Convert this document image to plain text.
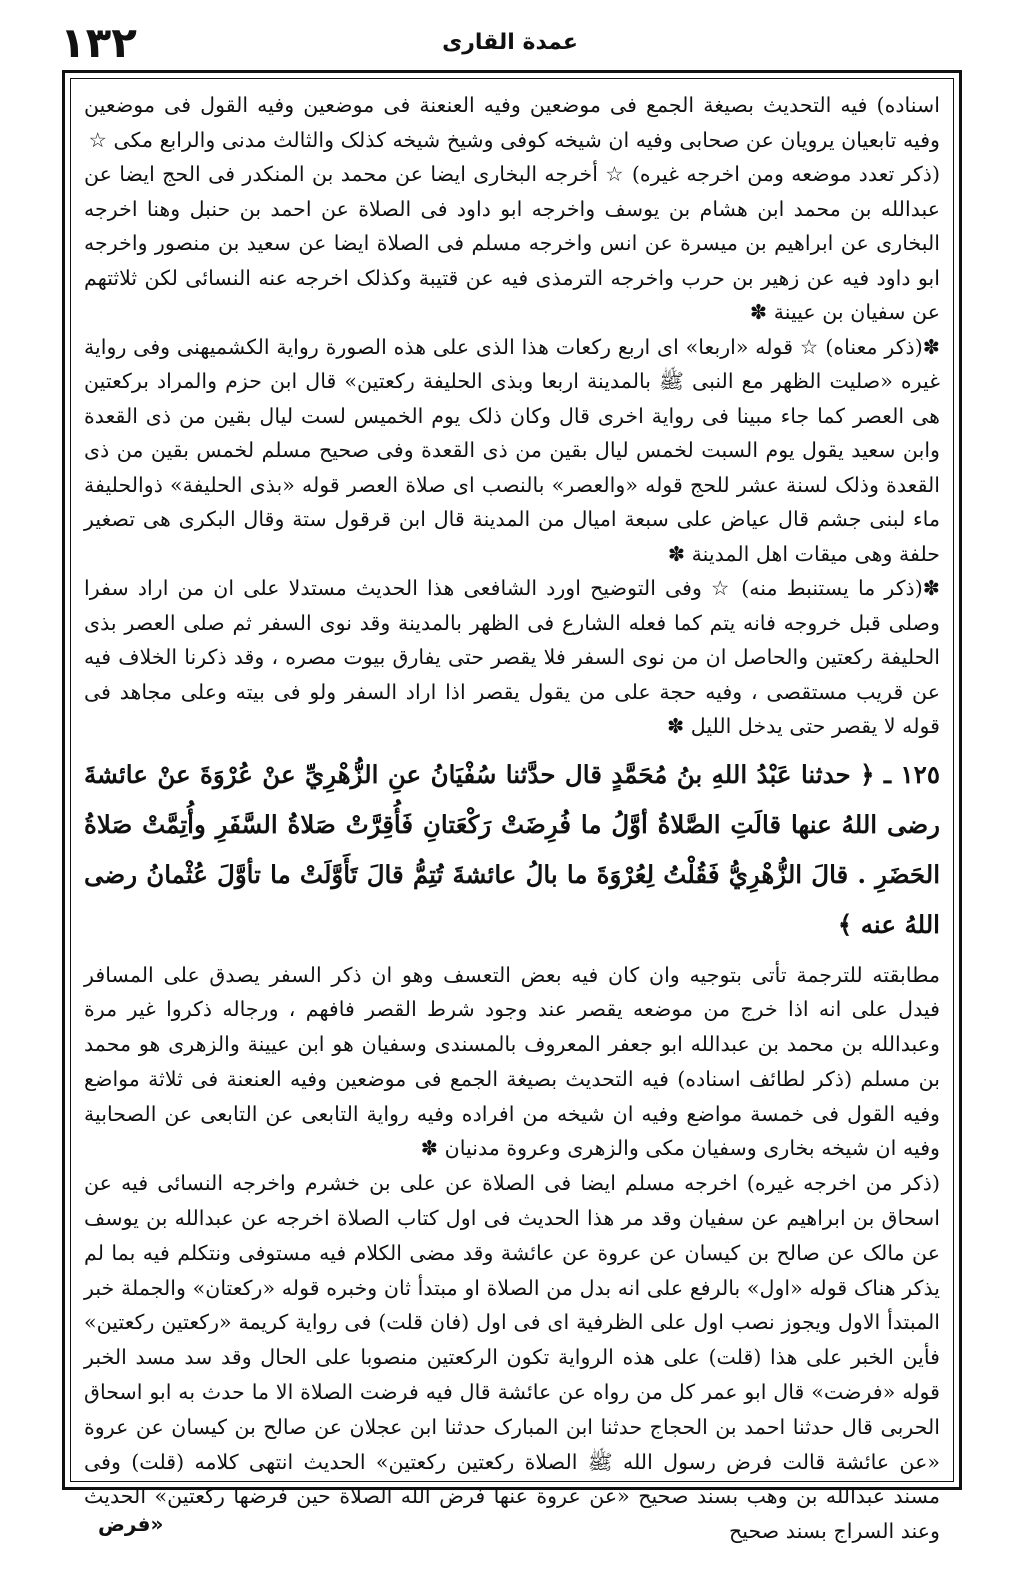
١٣٢	عمدة القاری

اسناده) فیه التحدیث بصیغة الجمع فی موضعین وفیه العنعنة فی موضعین وفیه القول فی موضعین وفیه تابعیان یرویان عن صحابی وفیه ان شیخه کوفی وشیخ شیخه کذلک والثالث مدنی والرابع مکی ☆

(ذکر تعدد موضعه ومن اخرجه غیره) ☆ أخرجه البخاری ایضا عن محمد بن المنکدر فی الحج ایضا عن عبدالله بن محمد ابن هشام بن یوسف واخرجه ابو داود فی الصلاة عن احمد بن حنبل وهنا اخرجه البخاری عن ابراهیم بن میسرة عن انس واخرجه مسلم فی الصلاة ایضا عن سعید بن منصور واخرجه ابو داود فیه عن زهیر بن حرب واخرجه الترمذی فیه عن قتیبة وکذلک اخرجه عنه النسائی لکن ثلاثتهم عن سفیان بن عیینة ✽

✽(ذکر معناه) ☆ قوله «اربعا» ای اربع رکعات هذا الذی علی هذه الصورة روایة الکشمیهنی وفی روایة غیره «صلیت الظهر مع النبی ﷺ بالمدینة اربعا وبذی الحلیفة رکعتین» قال ابن حزم والمراد برکعتین هی العصر کما جاء مبینا فی روایة اخری قال وکان ذلک یوم الخمیس لست لیال بقین من ذی القعدة وابن سعید یقول یوم السبت لخمس لیال بقین من ذی القعدة وفی صحیح مسلم لخمس بقین من ذی القعدة وذلک لسنة عشر للحج قوله «والعصر» بالنصب ای صلاة العصر قوله «بذی الحلیفة» ذوالحلیفة ماء لبنی جشم قال عیاض علی سبعة امیال من المدینة قال ابن قرقول ستة وقال البکری هی تصغیر حلفة وهی میقات اهل المدینة ✽

✽(ذکر ما یستنبط منه) ☆ وفی التوضیح اورد الشافعی هذا الحدیث مستدلا علی ان من اراد سفرا وصلی قبل خروجه فانه یتم کما فعله الشارع فی الظهر بالمدینة وقد نوی السفر ثم صلی العصر بذی الحلیفة رکعتین والحاصل ان من نوی السفر فلا یقصر حتی یفارق بیوت مصره ، وقد ذکرنا الخلاف فیه عن قریب مستقصی ، وفیه حجة علی من یقول یقصر اذا اراد السفر ولو فی بیته وعلی مجاهد فی قوله لا یقصر حتی یدخل اللیل ✽

١٢٥ ـ ﴿ حدثنا عَبْدُ اللهِ بنُ مُحَمَّدٍ قال حدَّثنا سُفْيَانُ عنِ الزُّهْرِيِّ عنْ عُرْوَةَ عنْ عائشةَ رضی اللهُ عنها قالَتِ الصَّلاةُ أوَّلُ ما فُرِضَتْ رَكْعَتانِ فَأُقِرَّتْ صَلاةُ السَّفَرِ وأُتِمَّتْ صَلاةُ الحَضَرِ . قالَ الزُّهْرِيُّ فَقُلْتُ لِعُرْوَةَ ما بالُ عائشةَ تُتِمُّ قالَ تَأَوَّلَتْ ما تأوَّلَ عُثْمانُ رضی اللهُ عنه ﴾

مطابقته للترجمة تأتی بتوجیه وان کان فیه بعض التعسف وهو ان ذکر السفر یصدق علی المسافر فیدل علی انه اذا خرج من موضعه یقصر عند وجود شرط القصر فافهم ، ورجاله ذکروا غیر مرة وعبدالله بن محمد بن عبدالله ابو جعفر المعروف بالمسندی وسفیان هو ابن عیینة والزهری هو محمد بن مسلم (ذکر لطائف اسناده) فیه التحدیث بصیغة الجمع فی موضعین وفیه العنعنة فی ثلاثة مواضع وفیه القول فی خمسة مواضع وفیه ان شیخه من افراده وفیه روایة التابعی عن التابعی عن الصحابیة وفیه ان شیخه بخاری وسفیان مکی والزهری وعروة مدنیان ✽

(ذکر من اخرجه غیره) اخرجه مسلم ایضا فی الصلاة عن علی بن خشرم واخرجه النسائی فیه عن اسحاق بن ابراهیم عن سفیان وقد مر هذا الحدیث فی اول کتاب الصلاة اخرجه عن عبدالله بن یوسف عن مالک عن صالح بن کیسان عن عروة عن عائشة وقد مضی الکلام فیه مستوفی ونتکلم فیه بما لم یذکر هناک قوله «اول» بالرفع علی انه بدل من الصلاة او مبتدأ ثان وخبره قوله «رکعتان» والجملة خبر المبتدأ الاول ویجوز نصب اول علی الظرفیة ای فی اول (فان قلت) فی روایة کریمة «رکعتین رکعتین» فأین الخبر علی هذا (قلت) علی هذه الروایة تکون الرکعتین منصوبا علی الحال وقد سد مسد الخبر قوله «فرضت» قال ابو عمر کل من رواه عن عائشة قال فیه فرضت الصلاة الا ما حدث به ابو اسحاق الحربی قال حدثنا احمد بن الحجاج حدثنا ابن المبارک حدثنا ابن عجلان عن صالح بن کیسان عن عروة «عن عائشة قالت فرض رسول الله ﷺ الصلاة رکعتین رکعتین» الحدیث انتهی کلامه (قلت) وفی مسند عبدالله بن وهب بسند صحیح «عن عروة عنها فرض الله الصلاة حین فرضها رکعتین» الحدیث وعند السراج بسند صحیح

«فرض
